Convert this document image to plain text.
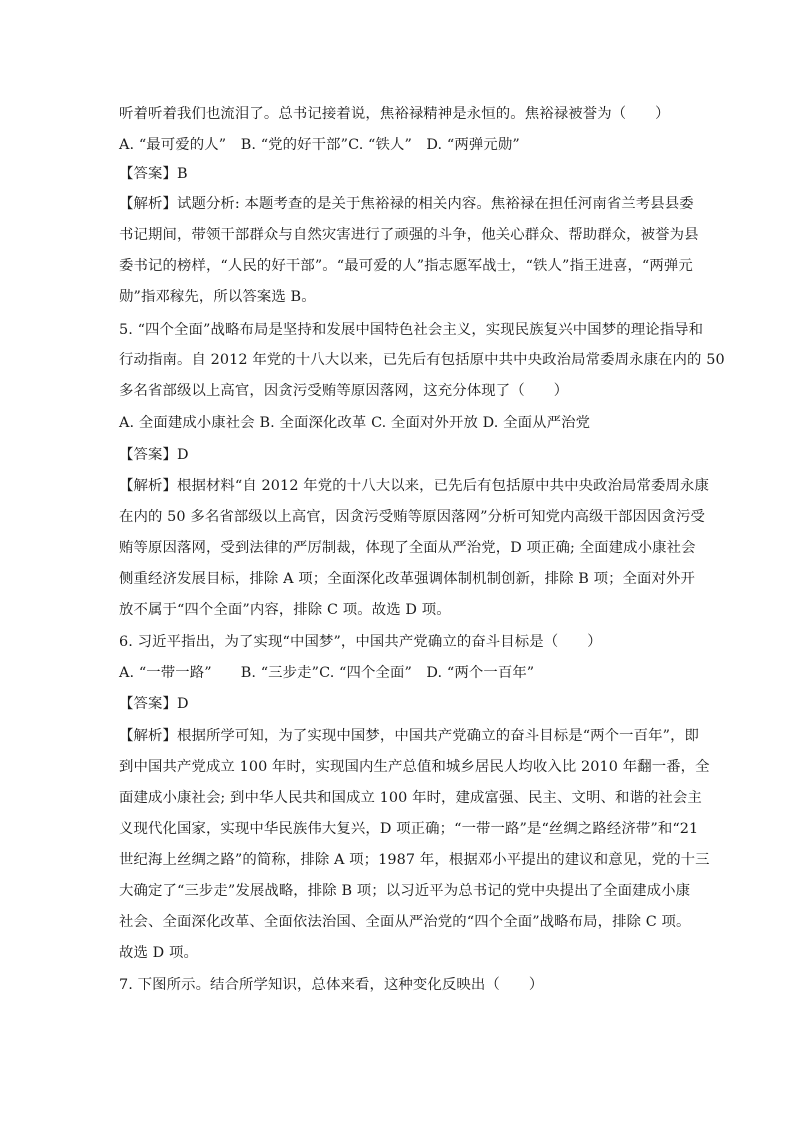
听着听着我们也流泪了。总书记接着说，焦裕禄精神是永恒的。焦裕禄被誉为（　　）
A. “最可爱的人”　B. “党的好干部”C. “铁人”　D. “两弹元勋”
【答案】B
【解析】试题分析: 本题考查的是关于焦裕禄的相关内容。焦裕禄在担任河南省兰考县县委
书记期间，带领干部群众与自然灾害进行了顽强的斗争，他关心群众、帮助群众，被誉为县
委书记的榜样，“人民的好干部”。“最可爱的人”指志愿军战士，“铁人”指王进喜，“两弹元
勋”指邓稼先，所以答案选 B。
5. “四个全面”战略布局是坚持和发展中国特色社会主义，实现民族复兴中国梦的理论指导和
行动指南。自 2012 年党的十八大以来，已先后有包括原中共中央政治局常委周永康在内的 50
多名省部级以上高官，因贪污受贿等原因落网，这充分体现了（　　）
A. 全面建成小康社会 B. 全面深化改革 C. 全面对外开放 D. 全面从严治党
【答案】D
【解析】根据材料“自 2012 年党的十八大以来，已先后有包括原中共中央政治局常委周永康
在内的 50 多名省部级以上高官，因贪污受贿等原因落网”分析可知党内高级干部因因贪污受
贿等原因落网，受到法律的严厉制裁，体现了全面从严治党，D 项正确; 全面建成小康社会
侧重经济发展目标，排除 A 项；全面深化改革强调体制机制创新，排除 B 项；全面对外开
放不属于“四个全面”内容，排除 C 项。故选 D 项。
6. 习近平指出，为了实现“中国梦”，中国共产党确立的奋斗目标是（　　）
A. “一带一路”　　B. “三步走”C. “四个全面”　D. “两个一百年”
【答案】D
【解析】根据所学可知，为了实现中国梦，中国共产党确立的奋斗目标是“两个一百年”，即
到中国共产党成立 100 年时，实现国内生产总值和城乡居民人均收入比 2010 年翻一番，全
面建成小康社会; 到中华人民共和国成立 100 年时，建成富强、民主、文明、和谐的社会主
义现代化国家，实现中华民族伟大复兴，D 项正确；“一带一路”是“丝绸之路经济带”和“21
世纪海上丝绸之路”的简称，排除 A 项；1987 年，根据邓小平提出的建议和意见，党的十三
大确定了“三步走”发展战略，排除 B 项；以习近平为总书记的党中央提出了全面建成小康
社会、全面深化改革、全面依法治国、全面从严治党的“四个全面”战略布局，排除 C 项。
故选 D 项。
7. 下图所示。结合所学知识，总体来看，这种变化反映出（　　）
